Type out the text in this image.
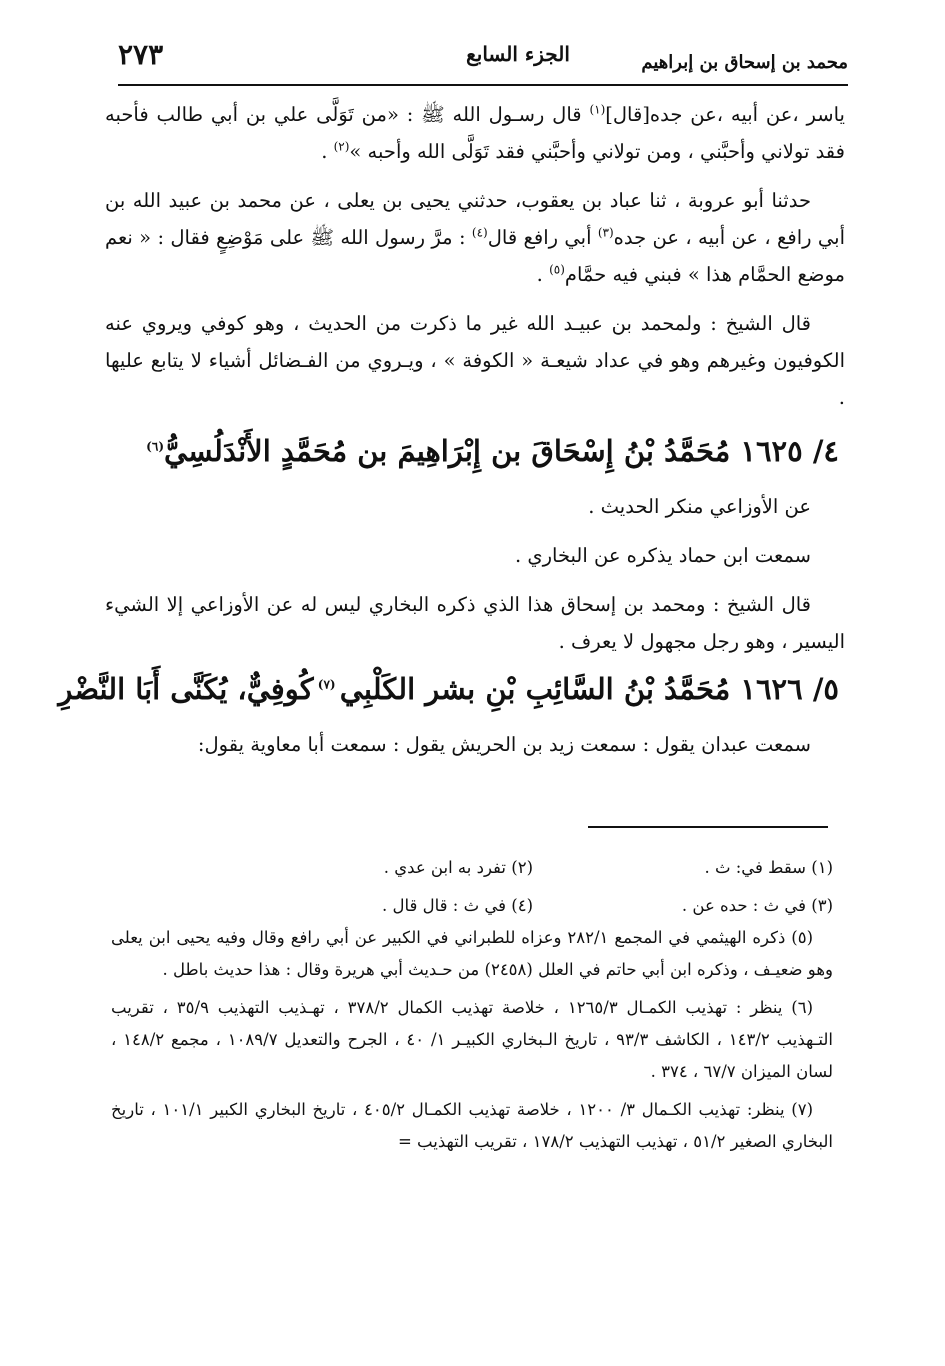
محمد بن إسحاق بن إبراهيم
الجزء السابع
٢٧٣

ياسر ،عن أبيه ،عن جده[قال]$^{(١)}$ قال رسـول الله ﷺ : «من تَوَلَّى علي بن أبي طالب فأحبه فقد تولاني وأحبَّني ، ومن تولاني وأحبَّني فقد تَوَلَّى الله وأحبه »$^{(٢)}$ .

حدثنا أبو عروبة ، ثنا عباد بن يعقوب، حدثني يحيى بن يعلى ، عن محمد بن عبيد الله بن أبي رافع ، عن أبيه ، عن جده$^{(٣)}$ أبي رافع قال$^{(٤)}$ : مرَّ رسول الله ﷺ على مَوْضِعٍ فقال : « نعم موضع الحمَّام هذا » فبني فيه حمَّام$^{(٥)}$ .

قال الشيخ : ولمحمد بن عبيـد الله غير ما ذكرت من الحديث ، وهو كوفي ويروي عنه الكوفيون وغيرهم وهو في عداد شيعـة « الكوفة » ، ويـروي من الفـضائل أشياء لا يتابع عليها .

٤/ ١٦٢٥ مُحَمَّدُ بْنُ إِسْحَاقَ بن إِبْرَاهِيمَ بن مُحَمَّدٍ الأَنْدَلُسِيُّ$^{(٦)}$

عن الأوزاعي منكر الحديث .

سمعت ابن حماد يذكره عن البخاري .

قال الشيخ : ومحمد بن إسحاق هذا الذي ذكره البخاري ليس له عن الأوزاعي إلا الشيء اليسير ، وهو رجل مجهول لا يعرف .

٥/ ١٦٢٦ مُحَمَّدُ بْنُ السَّائِبِ بْنِ بشر الكَلْبِي $^{(٧)}$ كُوفِيٌّ، يُكَنَّى أَبَا النَّضْرِ

سمعت عبدان يقول : سمعت زيد بن الحريش يقول : سمعت أبا معاوية يقول:

(١) سقط في: ث .
(٢) تفرد به ابن عدي .
(٣) في ث : حده عن .
(٤) في ث : قال قال .

(٥) ذكره الهيثمي في المجمع ٢٨٢/١ وعزاه للطبراني في الكبير عن أبي رافع وقال وفيه يحيى ابن يعلى وهو ضعيـف ، وذكره ابن أبي حاتم في العلل (٢٤٥٨) من حـديث أبي هريرة وقال : هذا حديث باطل .

(٦) ينظر : تهذيب الكمـال ١٢٦٥/٣ ، خلاصة تهذيب الكمال ٣٧٨/٢ ، تهـذيب التهذيب ٣٥/٩ ، تقريب التـهذيب ١٤٣/٢ ، الكاشف ٩٣/٣ ، تاريخ الـبخاري الكبيـر ١/ ٤٠ ، الجرح والتعديل ١٠٨٩/٧ ، مجمع ١٤٨/٢ ، لسان الميزان ٦٧/٧ ، ٣٧٤ .

(٧) ينظر: تهذيب الكـمال ٣/ ١٢٠٠ ، خلاصة تهذيب الكمـال ٤٠٥/٢ ، تاريخ البخاري الكبير ١٠١/١ ، تاريخ البخاري الصغير ٥١/٢ ، تهذيب التهذيب ١٧٨/٢ ، تقريب التهذيب =
